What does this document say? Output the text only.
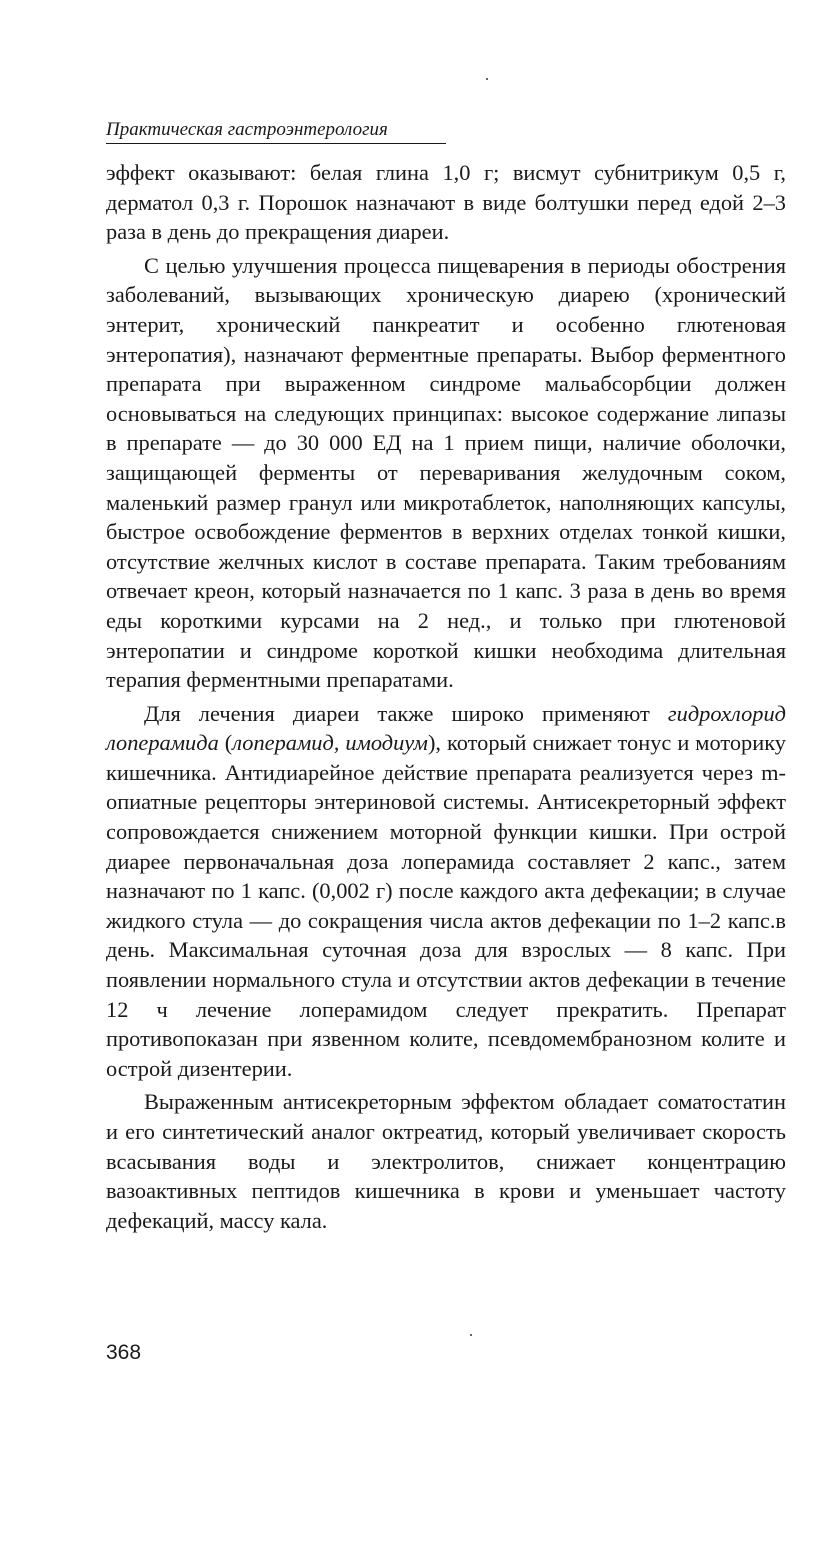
Практическая гастроэнтерология

эффект оказывают: белая глина 1,0 г; висмут субнитрикум 0,5 г, дерматол 0,3 г. Порошок назначают в виде болтушки перед едой 2–3 раза в день до прекращения диареи.

С целью улучшения процесса пищеварения в периоды обострения заболеваний, вызывающих хроническую диарею (хронический энтерит, хронический панкреатит и особенно глютеновая энтеропатия), назначают ферментные препараты. Выбор ферментного препарата при выраженном синдроме мальабсорбции должен основываться на следующих принципах: высокое содержание липазы в препарате — до 30 000 ЕД на 1 прием пищи, наличие оболочки, защищающей ферменты от переваривания желудочным соком, маленький размер гранул или микротаблеток, наполняющих капсулы, быстрое освобождение ферментов в верхних отделах тонкой кишки, отсутствие желчных кислот в составе препарата. Таким требованиям отвечает креон, который назначается по 1 капс. 3 раза в день во время еды короткими курсами на 2 нед., и только при глютеновой энтеропатии и синдроме короткой кишки необходима длительная терапия ферментными препаратами.

Для лечения диареи также широко применяют гидрохлорид лоперамида (лоперамид, имодиум), который снижает тонус и моторику кишечника. Антидиарейное действие препарата реализуется через m-опиатные рецепторы энтериновой системы. Антисекреторный эффект сопровождается снижением моторной функции кишки. При острой диарее первоначальная доза лоперамида составляет 2 капс., затем назначают по 1 капс. (0,002 г) после каждого акта дефекации; в случае жидкого стула — до сокращения числа актов дефекации по 1–2 капс.в день. Максимальная суточная доза для взрослых — 8 капс. При появлении нормального стула и отсутствии актов дефекации в течение 12 ч лечение лоперамидом следует прекратить. Препарат противопоказан при язвенном колите, псевдомембранозном колите и острой дизентерии.

Выраженным антисекреторным эффектом обладает соматостатин и его синтетический аналог октреатид, который увеличивает скорость всасывания воды и электролитов, снижает концентрацию вазоактивных пептидов кишечника в крови и уменьшает частоту дефекаций, массу кала.

368
